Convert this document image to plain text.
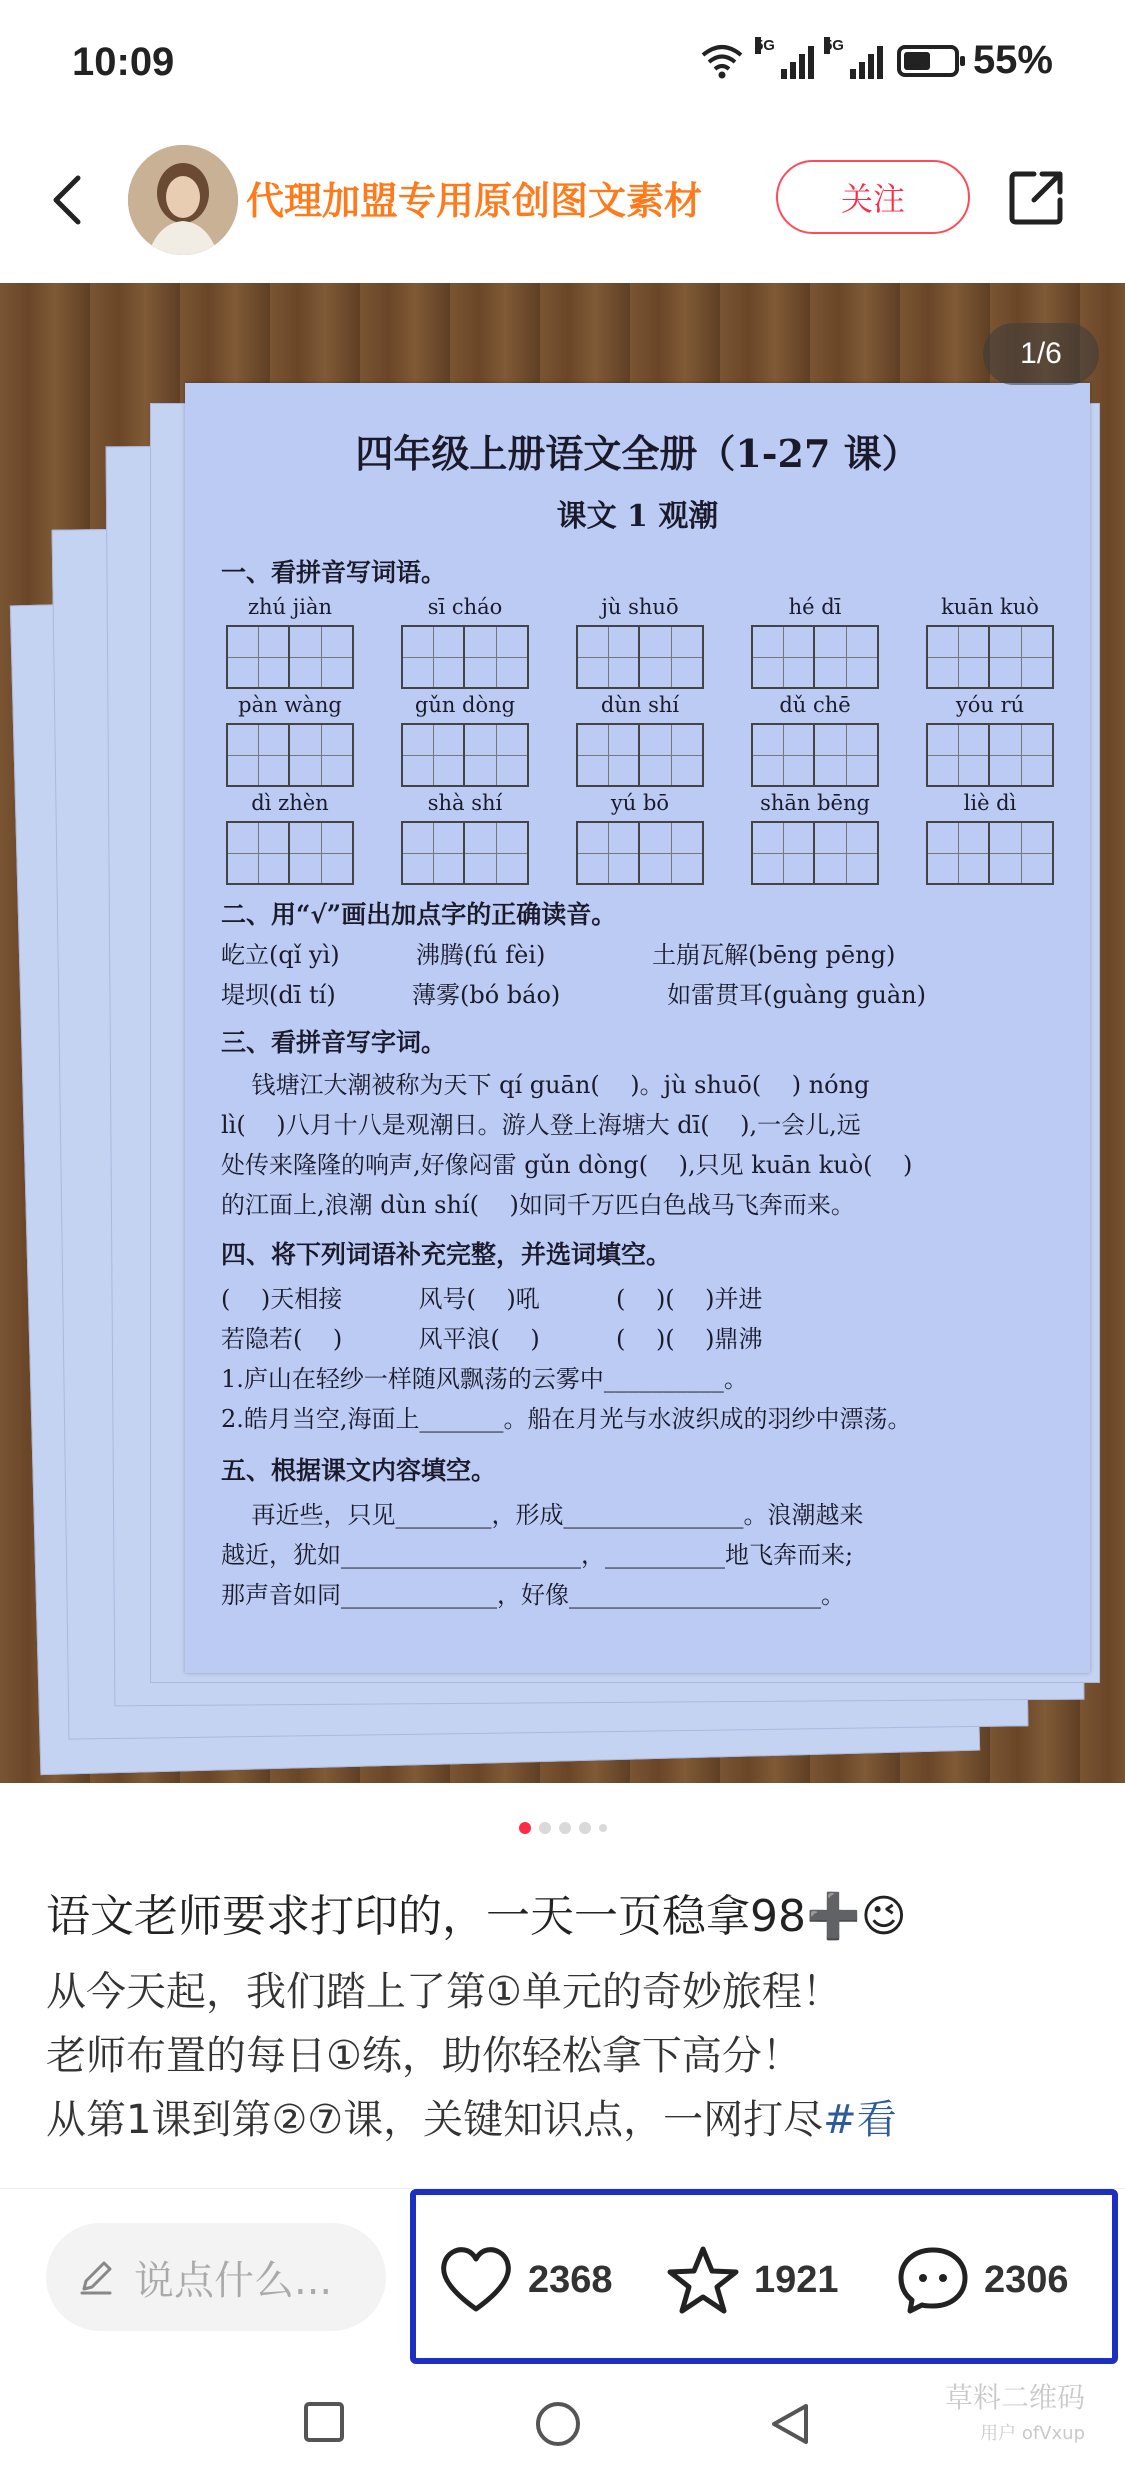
10:09	5G	5G	55%
代理加盟专用原创图文素材	关注
四年级上册语文全册（1-27 课）
课文 1 观潮
一、看拼音写词语。
zhú jiàn	sī cháo	jù shuō	hé dī	kuān kuò
pàn wàng	gǔn dòng	dùn shí	dǔ chē	yóu rú
dì zhèn	shà shí	yú bō	shān bēng	liè dì
二、用“√”画出加点字的正确读音。
屹立(qǐ yì)          沸腾(fú fèi)              土崩瓦解(bēng pēng)
堤坝(dī tí)          薄雾(bó báo)              如雷贯耳(guàng guàn)
三、看拼音写字词。
钱塘江大潮被称为天下 qí guān(    )。jù shuō(    ) nóng
lì(    )八月十八是观潮日。游人登上海塘大 dī(    ),一会儿,远
处传来隆隆的响声,好像闷雷 gǔn dòng(    ),只见 kuān kuò(    )
的江面上,浪潮 dùn shí(    )如同千万匹白色战马飞奔而来。
四、将下列词语补充完整，并选词填空。
(    )天相接          风号(    )吼          (    )(    )并进
若隐若(    )          风平浪(    )          (    )(    )鼎沸
1.庐山在轻纱一样随风飘荡的云雾中__________。
2.皓月当空,海面上_______。船在月光与水波织成的羽纱中漂荡。
五、根据课文内容填空。
再近些，只见________，形成_______________。浪潮越来
越近，犹如____________________，__________地飞奔而来;
那声音如同_____________，好像_____________________。
1/6
语文老师要求打印的，一天一页稳拿98➕😉
从今天起，我们踏上了第①单元的奇妙旅程！
老师布置的每日①练，助你轻松拿下高分！
从第1课到第②⑦课，关键知识点，一网打尽#看
说点什么...	2368	1921	2306
草料二维码
用户 ofVxup
